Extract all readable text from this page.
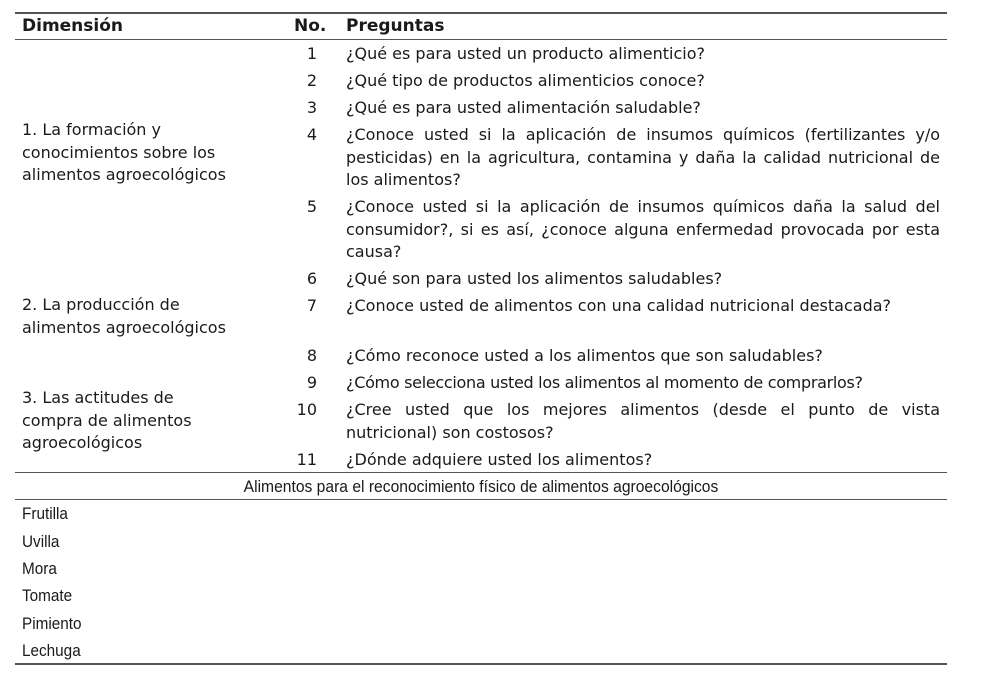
Dimensión	No. Preguntas
1. La formación y
conocimientos sobre los
alimentos agroecológicos
2. La producción de
alimentos agroecológicos
3. Las actitudes de
compra de alimentos
agroecológicos
1
2
3
4
5
6
7
8
9
10
11
¿Qué es para usted un producto alimenticio?
¿Qué tipo de productos alimenticios conoce?
¿Qué es para usted alimentación saludable?
¿Conoce usted si la aplicación de insumos químicos (fertilizantes y/o pesticidas) en la agricultura, contamina y daña la calidad nutricional de los alimentos?
¿Conoce usted si la aplicación de insumos químicos daña la salud del consumidor?, si es así, ¿conoce alguna enfermedad provocada por esta causa?
¿Qué son para usted los alimentos saludables?
¿Conoce usted de alimentos con una calidad nutricional destacada?
¿Cómo reconoce usted a los alimentos que son saludables?
¿Cómo selecciona usted los alimentos al momento de comprarlos?
¿Cree usted que los mejores alimentos (desde el punto de vista nutricional) son costosos?
¿Dónde adquiere usted los alimentos?
Alimentos para el reconocimiento físico de alimentos agroecológicos
Frutilla
Uvilla
Mora
Tomate
Pimiento
Lechuga
